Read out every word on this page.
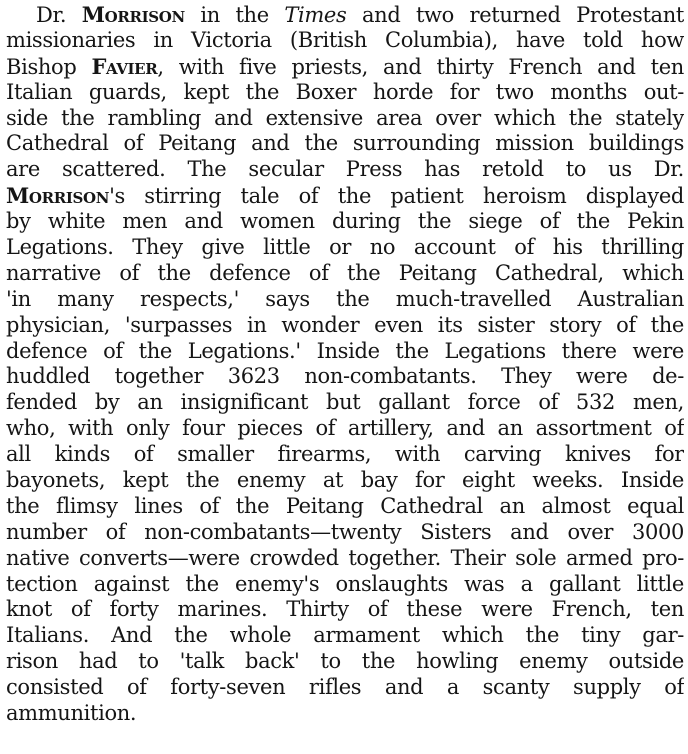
Dr. Morrison in the Times and two returned Protestant
missionaries in Victoria (British Columbia), have told how
Bishop Favier, with five priests, and thirty French and ten
Italian guards, kept the Boxer horde for two months out-
side the rambling and extensive area over which the stately
Cathedral of Peitang and the surrounding mission buildings
are scattered. The secular Press has retold to us Dr.
Morrison's stirring tale of the patient heroism displayed
by white men and women during the siege of the Pekin
Legations. They give little or no account of his thrilling
narrative of the defence of the Peitang Cathedral, which
'in many respects,' says the much-travelled Australian
physician, 'surpasses in wonder even its sister story of the
defence of the Legations.' Inside the Legations there were
huddled together 3623 non-combatants. They were de-
fended by an insignificant but gallant force of 532 men,
who, with only four pieces of artillery, and an assortment of
all kinds of smaller firearms, with carving knives for
bayonets, kept the enemy at bay for eight weeks. Inside
the flimsy lines of the Peitang Cathedral an almost equal
number of non-combatants—twenty Sisters and over 3000
native converts—were crowded together. Their sole armed pro-
tection against the enemy's onslaughts was a gallant little
knot of forty marines. Thirty of these were French, ten
Italians. And the whole armament which the tiny gar-
rison had to 'talk back' to the howling enemy outside
consisted of forty-seven rifles and a scanty supply of
ammunition.
